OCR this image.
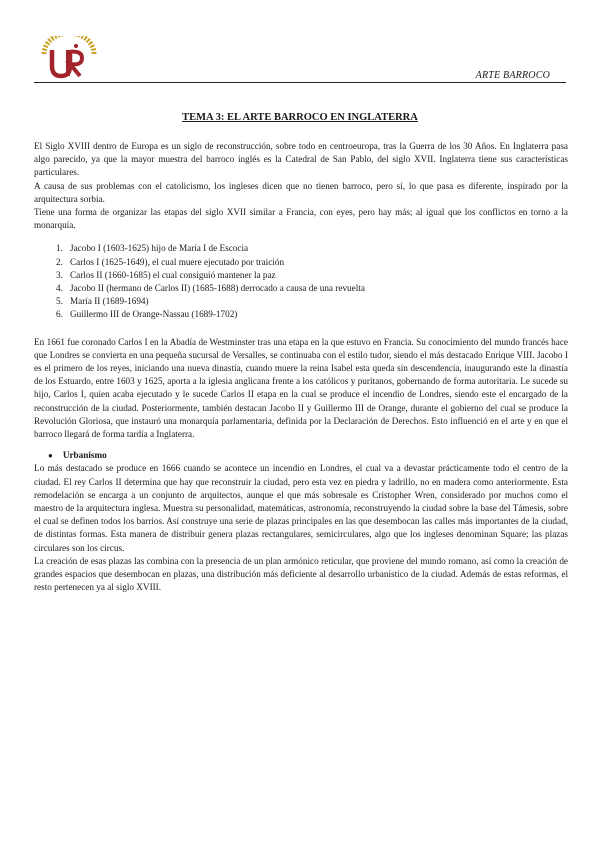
ARTE BARROCO
TEMA 3: EL ARTE BARROCO EN INGLATERRA

El Siglo XVIII dentro de Europa es un siglo de reconstrucción, sobre todo en centroeuropa, tras la Guerra de los 30 Años. En Inglaterra pasa algo parecido, ya que la mayor muestra del barroco inglés es la Catedral de San Pablo, del siglo XVII. Inglaterra tiene sus características particulares.

A causa de sus problemas con el catolicismo, los ingleses dicen que no tienen barroco, pero sí, lo que pasa es diferente, inspirado por la arquitectura sorbia.

Tiene una forma de organizar las etapas del siglo XVII similar a Francia, con eyes, pero hay más; al igual que los conflictos en torno a la monarquía.

1. Jacobo I (1603-1625) hijo de María I de Escocia
2. Carlos I (1625-1649), el cual muere ejecutado por traición
3. Carlos II (1660-1685) el cual consiguió mantener la paz
4. Jacobo II (hermano de Carlos II) (1685-1688) derrocado a causa de una revuelta
5. María II (1689-1694)
6. Guillermo III de Orange-Nassau (1689-1702)

En 1661 fue coronado Carlos I en la Abadía de Westminster tras una etapa en la que estuvo en Francia. Su conocimiento del mundo francés hace que Londres se convierta en una pequeña sucursal de Versalles, se continuaba con el estilo tudor, siendo el más destacado Enrique VIII. Jacobo I es el primero de los reyes, iniciando una nueva dinastía, cuando muere la reina Isabel esta queda sin descendencia, inaugurando este la dinastía de los Estuardo, entre 1603 y 1625, aporta a la iglesia anglicana frente a los católicos y puritanos, gobernando de forma autoritaria. Le sucede su hijo, Carlos I, quien acaba ejecutado y le sucede Carlos II etapa en la cual se produce el incendio de Londres, siendo este el encargado de la reconstrucción de la ciudad. Posteriormente, también destacan Jacobo II y Guillermo III de Orange, durante el gobierno del cual se produce la Revolución Gloriosa, que instauró una monarquía parlamentaria, definida por la Declaración de Derechos. Esto influenció en el arte y en que el barroco llegará de forma tardía a Inglaterra.

● Urbanismo

Lo más destacado se produce en 1666 cuando se acontece un incendio en Londres, el cual va a devastar prácticamente todo el centro de la ciudad. El rey Carlos II determina que hay que reconstruir la ciudad, pero esta vez en piedra y ladrillo, no en madera como anteriormente. Esta remodelación se encarga a un conjunto de arquitectos, aunque el que más sobresale es Cristopher Wren, considerado por muchos como el maestro de la arquitectura inglesa. Muestra su personalidad, matemáticas, astronomía, reconstruyendo la ciudad sobre la base del Támesis, sobre el cual se definen todos los barrios. Así construye una serie de plazas principales en las que desembocan las calles más importantes de la ciudad, de distintas formas. Esta manera de distribuir genera plazas rectangulares, semicirculares, algo que los ingleses denominan Square; las plazas circulares son los circus.

La creación de esas plazas las combina con la presencia de un plan armónico reticular, que proviene del mundo romano, así como la creación de grandes espacios que desembocan en plazas, una distribución más deficiente al desarrollo urbanístico de la ciudad. Además de estas reformas, el resto pertenecen ya al siglo XVIII.
